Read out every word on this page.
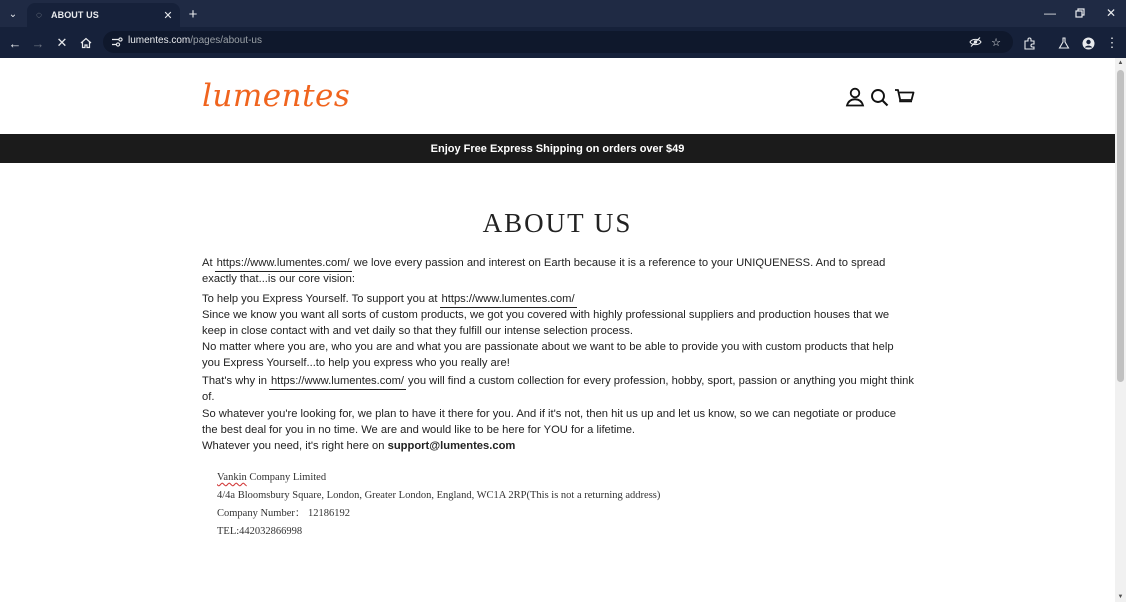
⌄	◌	ABOUT US	✕	+	—	✕
← → ✕	⋮
lumentes.com/pages/about-us	☆
lumentes
Enjoy Free Express Shipping on orders over $49
ABOUT US

At https://www.lumentes.com/ we love every passion and interest on Earth because it is a reference to your UNIQUENESS. And to spread exactly that...is our core vision:

To help you Express Yourself. To support you at https://www.lumentes.com/

Since we know you want all sorts of custom products, we got you covered with highly professional suppliers and production houses that we keep in close contact with and vet daily so that they fulfill our intense selection process.

No matter where you are, who you are and what you are passionate about we want to be able to provide you with custom products that help you Express Yourself...to help you express who you really are!

That's why in https://www.lumentes.com/ you will find a custom collection for every profession, hobby, sport, passion or anything you might think of.

So whatever you're looking for, we plan to have it there for you. And if it's not, then hit us up and let us know, so we can negotiate or produce the best deal for you in no time. We are and would like to be here for YOU for a lifetime.

Whatever you need, it's right here on support@lumentes.com

Vankin Company Limited
4/4a Bloomsbury Square, London, Greater London, England, WC1A 2RP(This is not a returning address)
Company Number： 12186192
TEL:442032866998
▲
▼
